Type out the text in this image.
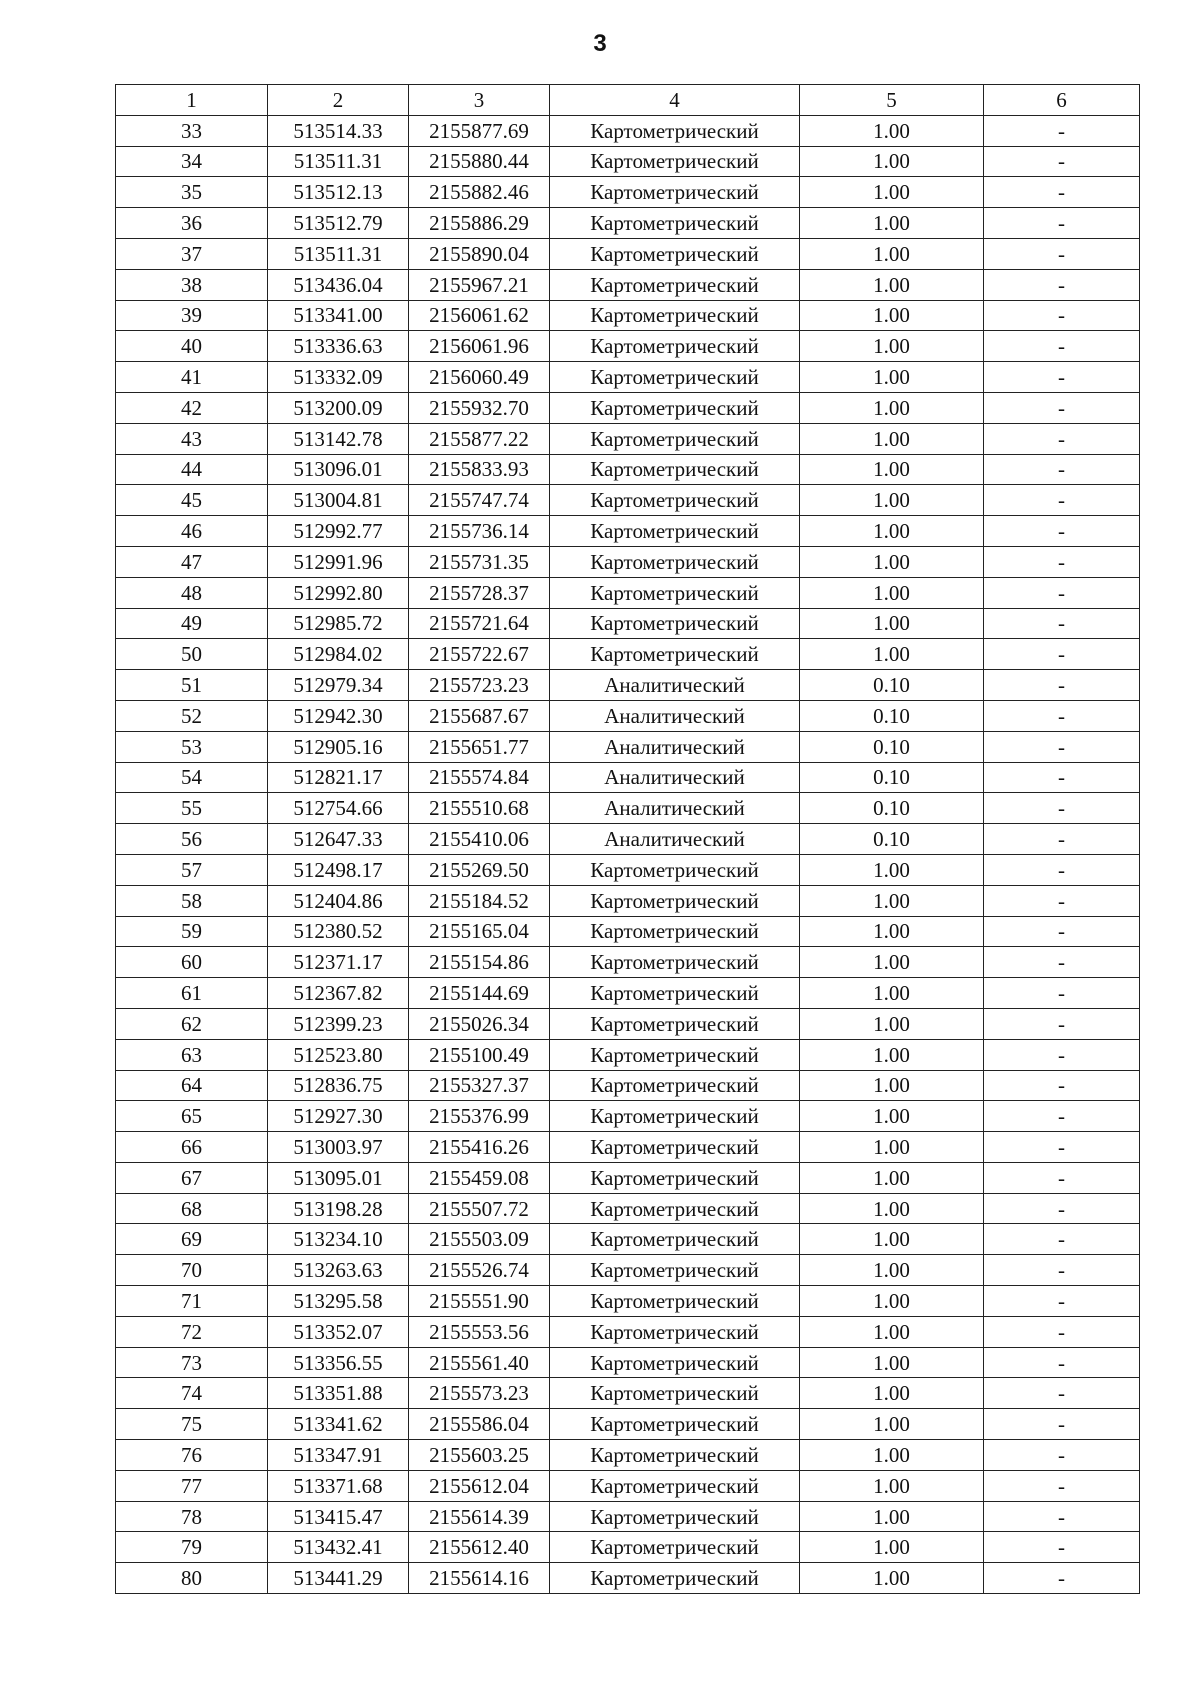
3
1	2	3	4	5	6
33	513514.33	2155877.69	Картометрический	1.00	-
34	513511.31	2155880.44	Картометрический	1.00	-
35	513512.13	2155882.46	Картометрический	1.00	-
36	513512.79	2155886.29	Картометрический	1.00	-
37	513511.31	2155890.04	Картометрический	1.00	-
38	513436.04	2155967.21	Картометрический	1.00	-
39	513341.00	2156061.62	Картометрический	1.00	-
40	513336.63	2156061.96	Картометрический	1.00	-
41	513332.09	2156060.49	Картометрический	1.00	-
42	513200.09	2155932.70	Картометрический	1.00	-
43	513142.78	2155877.22	Картометрический	1.00	-
44	513096.01	2155833.93	Картометрический	1.00	-
45	513004.81	2155747.74	Картометрический	1.00	-
46	512992.77	2155736.14	Картометрический	1.00	-
47	512991.96	2155731.35	Картометрический	1.00	-
48	512992.80	2155728.37	Картометрический	1.00	-
49	512985.72	2155721.64	Картометрический	1.00	-
50	512984.02	2155722.67	Картометрический	1.00	-
51	512979.34	2155723.23	Аналитический	0.10	-
52	512942.30	2155687.67	Аналитический	0.10	-
53	512905.16	2155651.77	Аналитический	0.10	-
54	512821.17	2155574.84	Аналитический	0.10	-
55	512754.66	2155510.68	Аналитический	0.10	-
56	512647.33	2155410.06	Аналитический	0.10	-
57	512498.17	2155269.50	Картометрический	1.00	-
58	512404.86	2155184.52	Картометрический	1.00	-
59	512380.52	2155165.04	Картометрический	1.00	-
60	512371.17	2155154.86	Картометрический	1.00	-
61	512367.82	2155144.69	Картометрический	1.00	-
62	512399.23	2155026.34	Картометрический	1.00	-
63	512523.80	2155100.49	Картометрический	1.00	-
64	512836.75	2155327.37	Картометрический	1.00	-
65	512927.30	2155376.99	Картометрический	1.00	-
66	513003.97	2155416.26	Картометрический	1.00	-
67	513095.01	2155459.08	Картометрический	1.00	-
68	513198.28	2155507.72	Картометрический	1.00	-
69	513234.10	2155503.09	Картометрический	1.00	-
70	513263.63	2155526.74	Картометрический	1.00	-
71	513295.58	2155551.90	Картометрический	1.00	-
72	513352.07	2155553.56	Картометрический	1.00	-
73	513356.55	2155561.40	Картометрический	1.00	-
74	513351.88	2155573.23	Картометрический	1.00	-
75	513341.62	2155586.04	Картометрический	1.00	-
76	513347.91	2155603.25	Картометрический	1.00	-
77	513371.68	2155612.04	Картометрический	1.00	-
78	513415.47	2155614.39	Картометрический	1.00	-
79	513432.41	2155612.40	Картометрический	1.00	-
80	513441.29	2155614.16	Картометрический	1.00	-
